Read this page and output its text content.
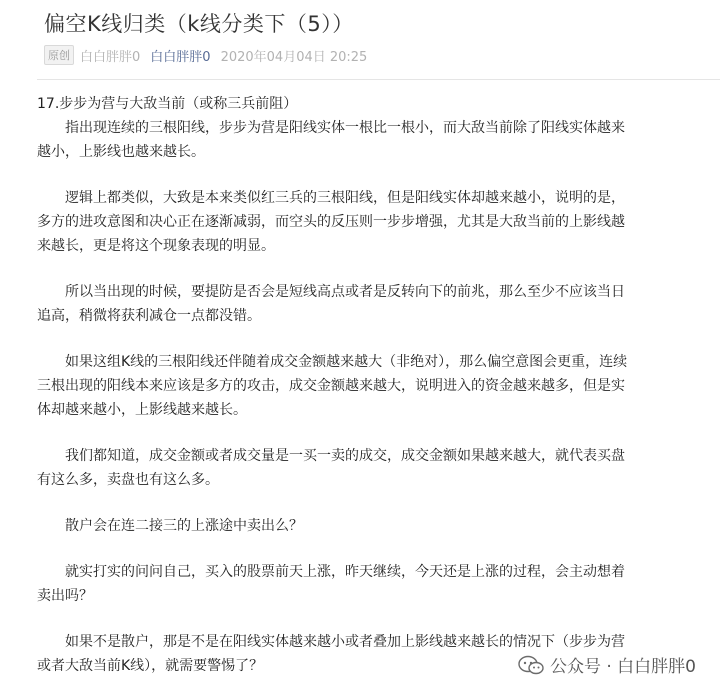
偏空K线归类（k线分类下（5））
原创 白白胖胖0 白白胖胖0 2020年04月04日 20:25

17.步步为营与大敌当前（或称三兵前阻）

指出现连续的三根阳线，步步为营是阳线实体一根比一根小，而大敌当前除了阳线实体越来越小，上影线也越来越长。

逻辑上都类似，大致是本来类似红三兵的三根阳线，但是阳线实体却越来越小，说明的是，多方的进攻意图和决心正在逐渐减弱，而空头的反压则一步步增强，尤其是大敌当前的上影线越来越长，更是将这个现象表现的明显。

所以当出现的时候，要提防是否会是短线高点或者是反转向下的前兆，那么至少不应该当日追高，稍微将获利减仓一点都没错。

如果这组K线的三根阳线还伴随着成交金额越来越大（非绝对），那么偏空意图会更重，连续三根出现的阳线本来应该是多方的攻击，成交金额越来越大，说明进入的资金越来越多，但是实体却越来越小，上影线越来越长。

我们都知道，成交金额或者成交量是一买一卖的成交，成交金额如果越来越大，就代表买盘有这么多，卖盘也有这么多。

散户会在连二接三的上涨途中卖出么？

就实打实的问问自己，买入的股票前天上涨，昨天继续，今天还是上涨的过程，会主动想着卖出吗？

如果不是散户，那是不是在阳线实体越来越小或者叠加上影线越来越长的情况下（步步为营或者大敌当前K线），就需要警惕了？	公众号 · 白白胖胖0
